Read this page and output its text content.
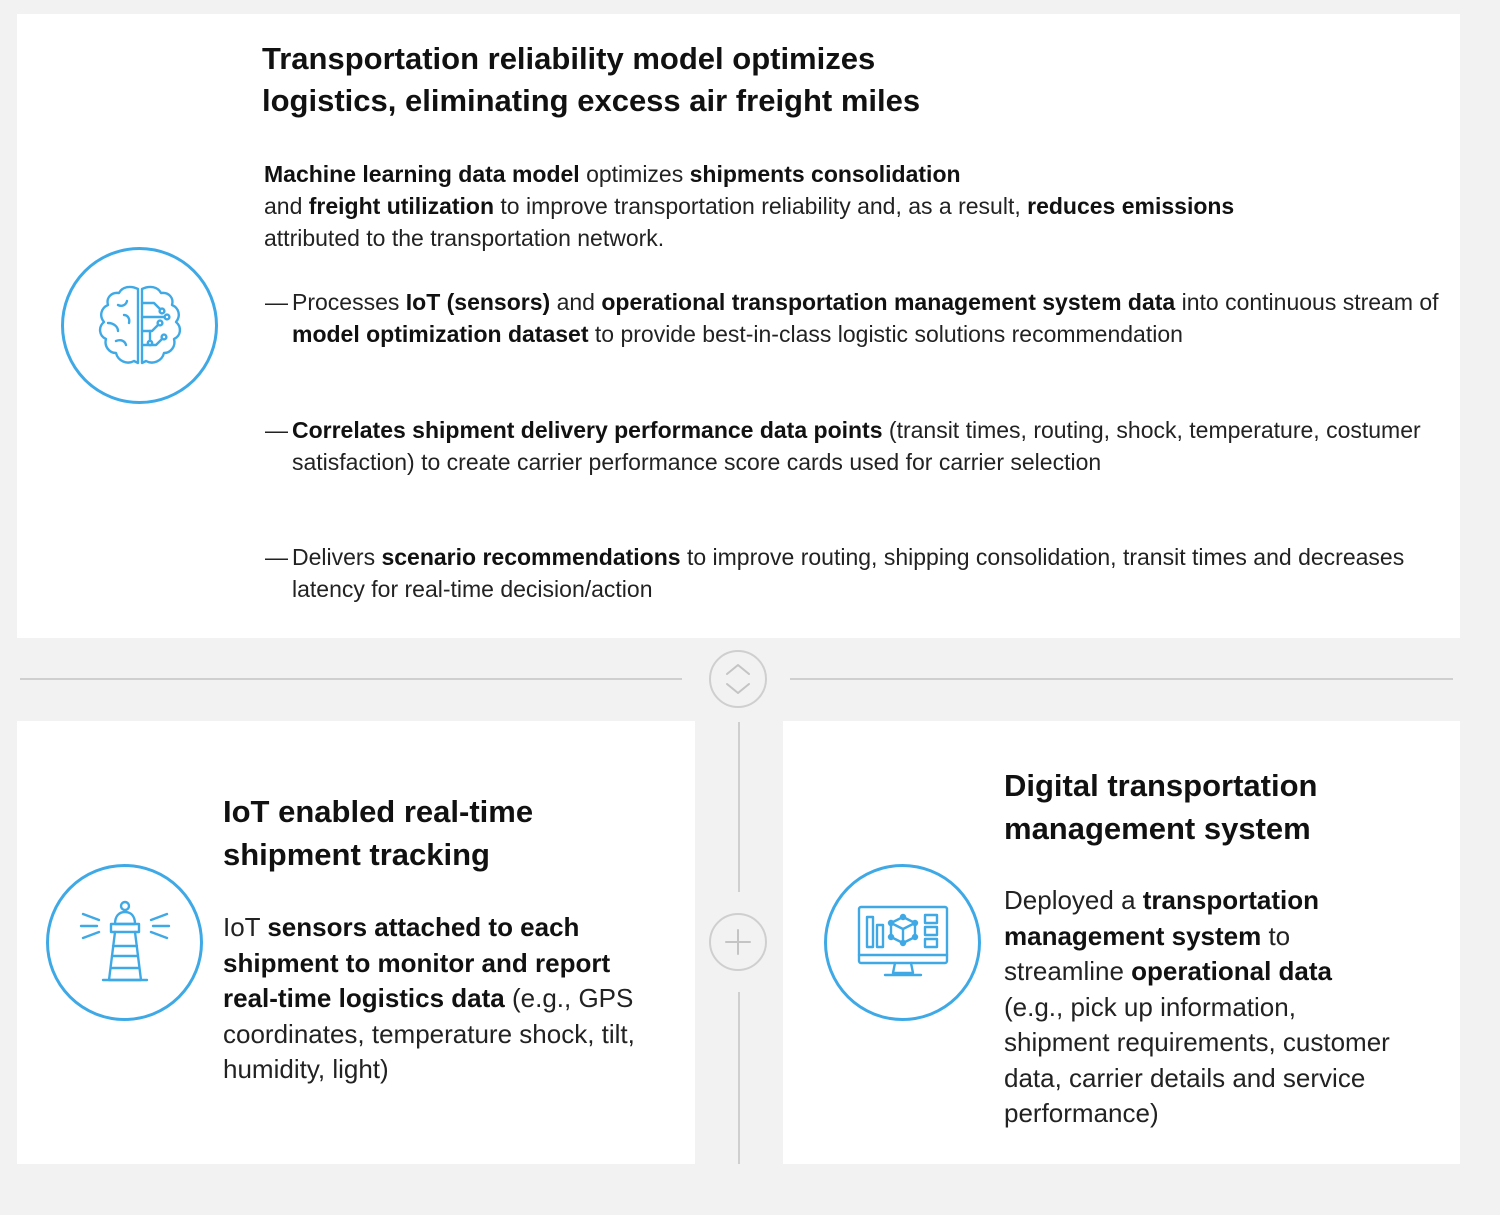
Transportation reliability model optimizes
logistics, eliminating excess air freight miles

Machine learning data model optimizes shipments consolidation
and freight utilization to improve transportation reliability and, as a result, reduces emissions
attributed to the transportation network.

— Processes IoT (sensors) and operational transportation management system data into continuous stream of model optimization dataset to provide best-in-class logistic solutions recommendation
— Correlates shipment delivery performance data points (transit times, routing, shock, temperature, costumer satisfaction) to create carrier performance score cards used for carrier selection
— Delivers scenario recommendations to improve routing, shipping consolidation, transit times and decreases latency for real-time decision/action
IoT enabled real-time
shipment tracking

IoT sensors attached to each shipment to monitor and report real-time logistics data (e.g., GPS coordinates, temperature shock, tilt, humidity, light)

Digital transportation
management system

Deployed a transportation management system to streamline operational data (e.g., pick up information, shipment requirements, customer data, carrier details and service performance)
